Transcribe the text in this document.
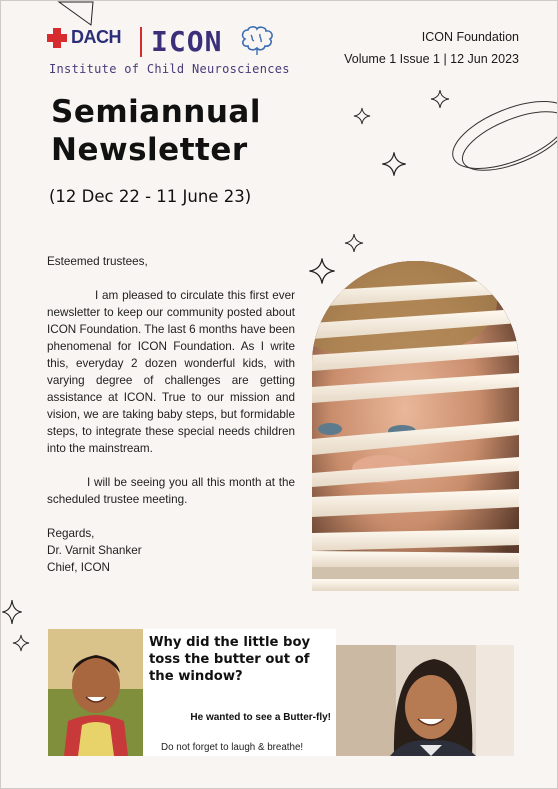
DACH ICON
Institute of Child Neurosciences
ICON Foundation
Volume 1 Issue 1 | 12 Jun 2023
Semiannual
Newsletter
(12 Dec 22 - 11 June 23)

Esteemed trustees,

I am pleased to circulate this first ever newsletter to keep our community posted about ICON Foundation. The last 6 months have been phenomenal for ICON Foundation. As I write this, everyday 2 dozen wonderful kids, with varying degree of challenges are getting assistance at ICON. True to our mission and vision, we are taking baby steps, but formidable steps, to integrate these special needs children into the mainstream.

I will be seeing you all this month at the scheduled trustee meeting.

Regards,

Dr. Varnit Shanker

Chief, ICON

Why did the little boy toss the butter out of the window?
He wanted to see a Butter-fly!
Do not forget to laugh & breathe!
